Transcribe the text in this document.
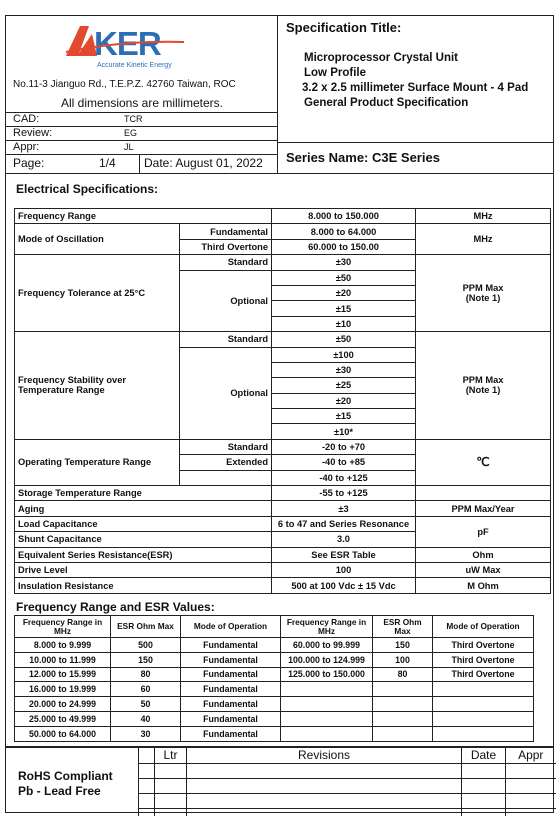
KER
Accurate Kinetic Energy
No.11-3 Jianguo Rd., T.E.P.Z. 42760 Taiwan, ROC
All dimensions are millimeters.
CAD:	TCR
Review:	EG
Appr:	JL
Page:	1/4 Date: August 01, 2022
Specification Title:
Microprocessor Crystal Unit
Low Profile
3.2 x 2.5 millimeter Surface Mount - 4 Pad
General Product Specification
Series Name: C3E Series
Electrical Specifications:
Frequency Range		8.000 to 150.000	MHz
Mode of Oscillation	Fundamental	8.000 to 64.000	MHz
	Third Overtone	60.000 to 150.00	
Frequency Tolerance at 25°C	Standard	±30	PPM Max
(Note 1)
	Optional	±50	
		±20	
		±15	
		±10	
Frequency Stability over
Temperature Range	Standard	±50	PPM Max
(Note 1)
	Optional	±100	
		±30	
		±25	
		±20	
		±15	
		±10*	
Operating Temperature Range	Standard	-20 to +70	℃
	Extended	-40 to +85	
		-40 to +125	
Storage Temperature Range		-55 to +125	
Aging		±3	PPM Max/Year
Load Capacitance		6 to 47 and Series Resonance	pF
Shunt Capacitance		3.0	
Equivalent Series Resistance(ESR)		See ESR Table	Ohm
Drive Level		100	uW Max
Insulation Resistance		500 at 100 Vdc ± 15 Vdc	M Ohm
Frequency Range and ESR Values:
Frequency Range in MHz	ESR Ohm Max	Mode of Operation	Frequency Range in MHz	ESR Ohm Max	Mode of Operation
8.000 to 9.999	500	Fundamental	60.000 to 99.999	150	Third Overtone
10.000 to 11.999	150	Fundamental	100.000 to 124.999	100	Third Overtone
12.000 to 15.999	80	Fundamental	125.000 to 150.000	80	Third Overtone
16.000 to 19.999	60	Fundamental			
20.000 to 24.999	50	Fundamental			
25.000 to 49.999	40	Fundamental			
50.000 to 64.000	30	Fundamental			
RoHS Compliant
Pb - Lead Free
	Ltr	Revisions	Date	Appr
